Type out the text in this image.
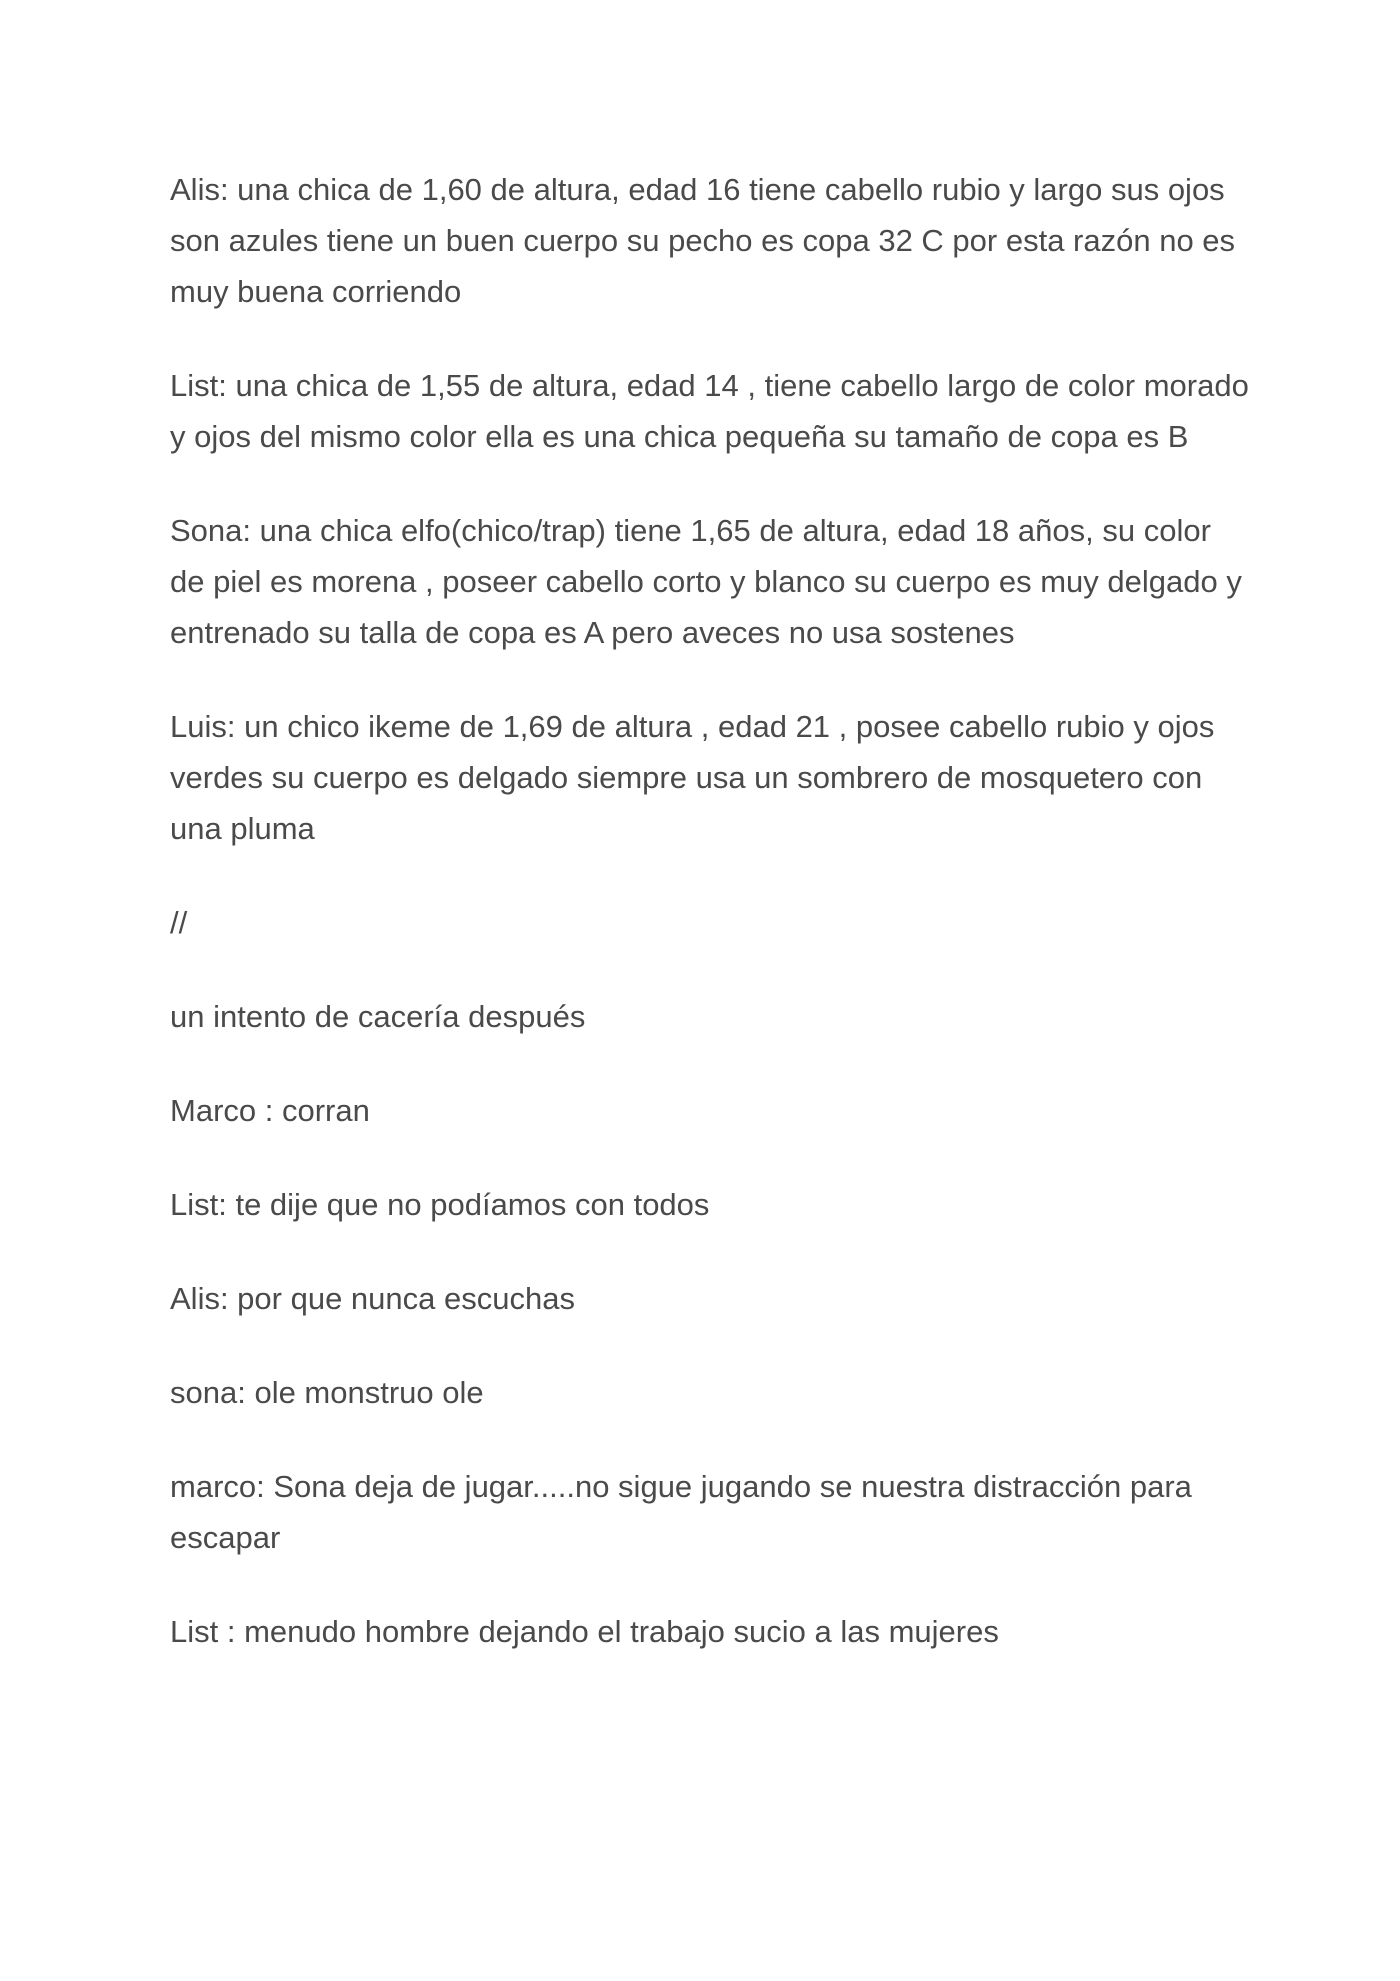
Alis: una chica de 1,60 de altura, edad 16 tiene cabello rubio y largo sus ojos son azules tiene un buen cuerpo su pecho es copa 32 C por esta razón no es muy buena corriendo

List: una chica de 1,55 de altura, edad 14 , tiene cabello largo de color morado y ojos del mismo color ella es una chica pequeña su tamaño de copa es B

Sona: una chica elfo(chico/trap) tiene 1,65 de altura, edad 18 años, su color de piel es morena , poseer cabello corto y blanco su cuerpo es muy delgado y entrenado su talla de copa es A pero aveces no usa sostenes

Luis: un chico ikeme de 1,69 de altura , edad 21 , posee cabello rubio y ojos verdes su cuerpo es delgado siempre usa un sombrero de mosquetero con una pluma

//

un intento de cacería después

Marco : corran

List: te dije que no podíamos con todos

Alis: por que nunca escuchas

sona: ole monstruo ole

marco: Sona deja de jugar.....no sigue jugando se nuestra distracción para escapar

List : menudo hombre dejando el trabajo sucio a las mujeres
